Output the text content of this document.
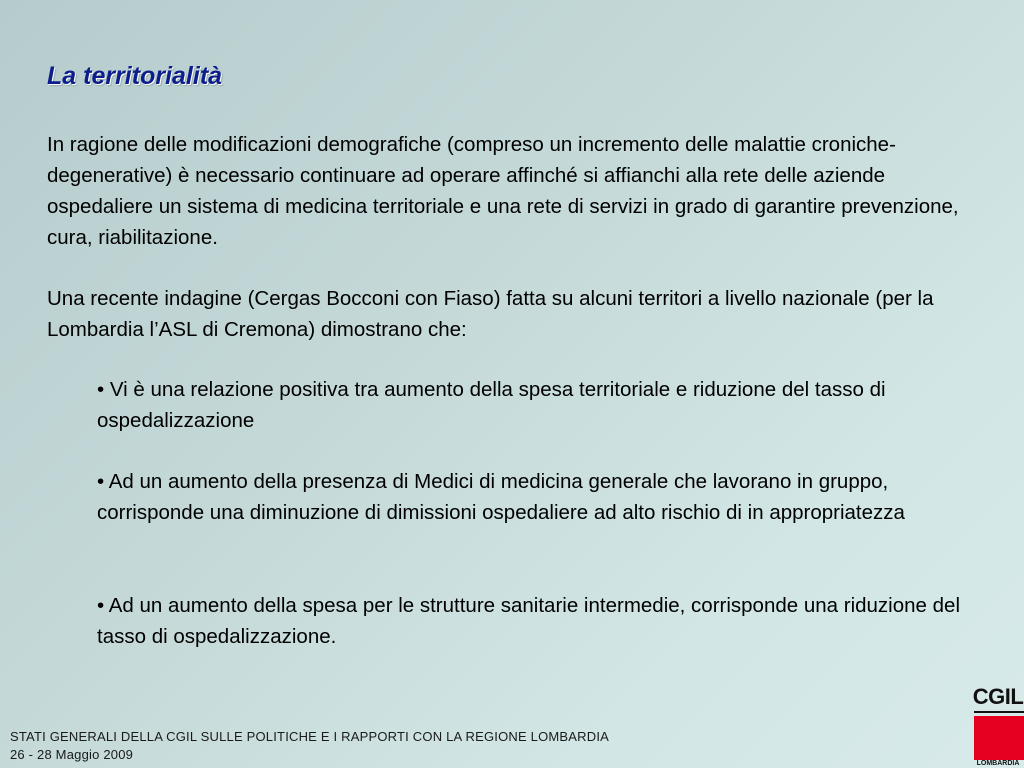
La territorialità

In ragione delle modificazioni demografiche (compreso un incremento delle malattie croniche-degenerative) è necessario continuare ad operare affinché si affianchi alla rete delle aziende ospedaliere un sistema di medicina territoriale e una rete di servizi in grado di garantire prevenzione, cura, riabilitazione.

Una recente indagine (Cergas Bocconi con Fiaso) fatta su alcuni territori a livello nazionale (per la Lombardia l’ASL di Cremona) dimostrano che:

• Vi è una relazione positiva tra aumento della spesa territoriale e riduzione del tasso di ospedalizzazione

• Ad un aumento della presenza di Medici di medicina generale che lavorano in gruppo, corrisponde una diminuzione di dimissioni ospedaliere ad alto rischio di in appropriatezza

• Ad un aumento della spesa per le strutture sanitarie intermedie, corrisponde una riduzione del tasso di ospedalizzazione.

STATI GENERALI DELLA CGIL SULLE POLITICHE E I RAPPORTI CON LA REGIONE LOMBARDIA
26 - 28 Maggio 2009
CGIL
LOMBARDIA
